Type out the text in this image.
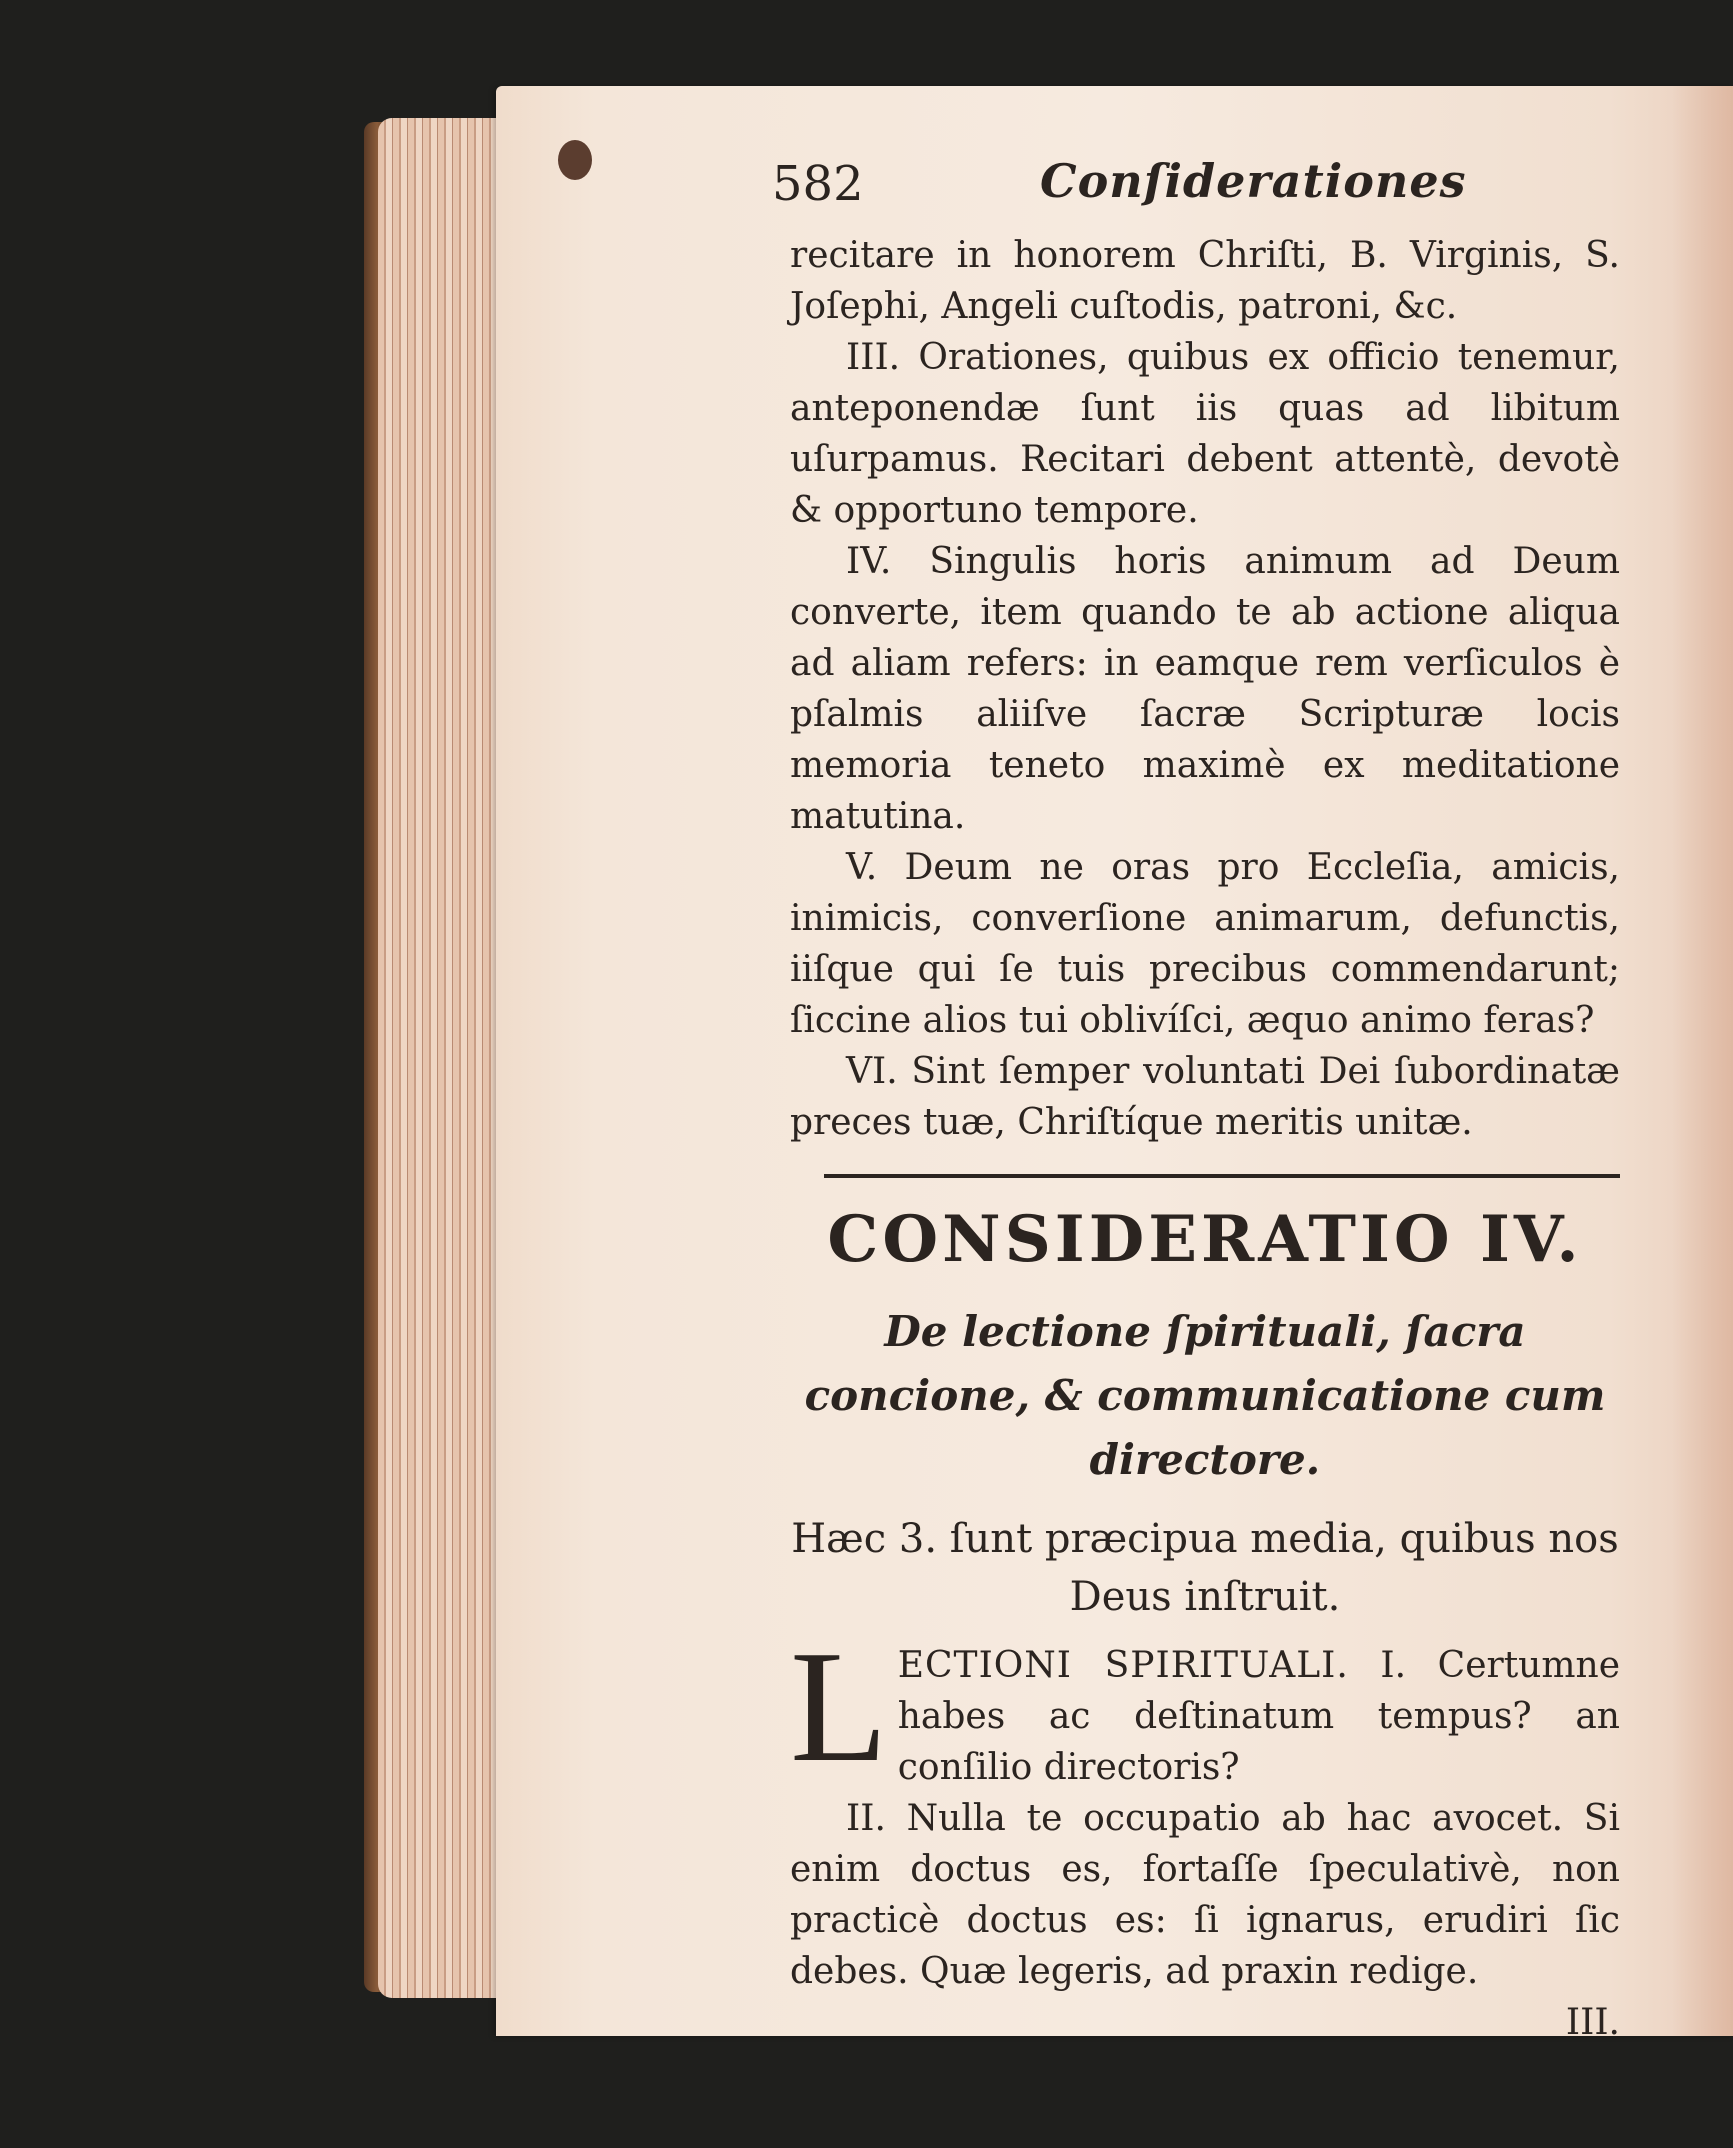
582	Conſiderationes

recitare in honorem Chriſti, B. Virginis, S. Joſephi, Angeli cuſtodis, patroni, &c.

III. Orationes, quibus ex officio tenemur, anteponendæ ſunt iis quas ad libitum uſurpamus. Recitari debent attentè, devotè & opportuno tempore.

IV. Singulis horis animum ad Deum converte, item quando te ab actione aliqua ad aliam refers: in eamque rem verſiculos è pſalmis aliiſve ſacræ Scripturæ locis memoria teneto maximè ex meditatione matutina.

V. Deum ne oras pro Eccleſia, amicis, inimicis, converſione animarum, defunctis, iiſque qui ſe tuis precibus commendarunt; ſiccine alios tui oblivíſci, æquo animo feras?

VI. Sint ſemper voluntati Dei ſubordinatæ preces tuæ, Chriſtíque meritis unitæ.

CONSIDERATIO IV.

De lectione ſpirituali, ſacra concione, & communicatione cum directore.

Hæc 3. ſunt præcipua media, quibus nos Deus inſtruit.

LECTIONI SPIRITUALI. I. Certumne habes ac deſtinatum tempus? an conſilio directoris?

II. Nulla te occupatio ab hac avocet. Si enim doctus es, fortaſſe ſpeculativè, non practicè doctus es: ſi ignarus, erudiri ſic debes. Quæ legeris, ad praxin redige.

III.
